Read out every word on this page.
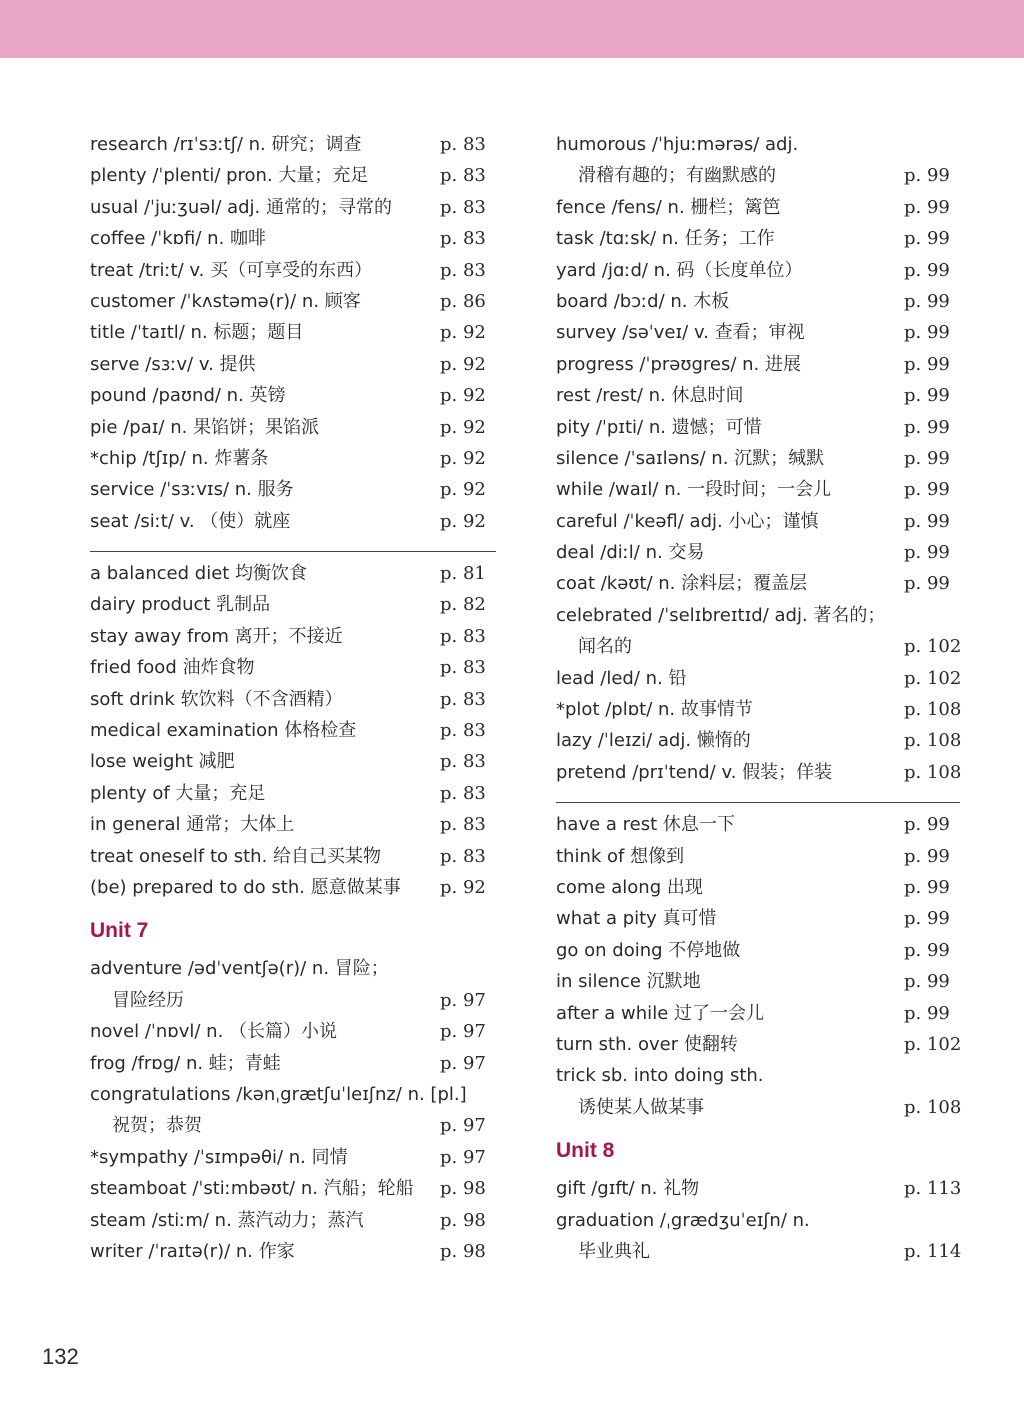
research /rɪˈsɜːtʃ/ n. 研究；调查	p. 83
plenty /ˈplenti/ pron. 大量；充足	p. 83
usual /ˈjuːʒuəl/ adj. 通常的；寻常的	p. 83
coffee /ˈkɒfi/ n. 咖啡	p. 83
treat /triːt/ v. 买（可享受的东西）	p. 83
customer /ˈkʌstəmə(r)/ n. 顾客	p. 86
title /ˈtaɪtl/ n. 标题；题目	p. 92
serve /sɜːv/ v. 提供	p. 92
pound /paʊnd/ n. 英镑	p. 92
pie /paɪ/ n. 果馅饼；果馅派	p. 92
*chip /tʃɪp/ n. 炸薯条	p. 92
service /ˈsɜːvɪs/ n. 服务	p. 92
seat /siːt/ v. （使）就座	p. 92
a balanced diet 均衡饮食	p. 81
dairy product 乳制品	p. 82
stay away from 离开；不接近	p. 83
fried food 油炸食物	p. 83
soft drink 软饮料（不含酒精）	p. 83
medical examination 体格检查	p. 83
lose weight 减肥	p. 83
plenty of 大量；充足	p. 83
in general 通常；大体上	p. 83
treat oneself to sth. 给自己买某物	p. 83
(be) prepared to do sth. 愿意做某事 p. 92
Unit 7
adventure /ədˈventʃə(r)/ n. 冒险；
冒险经历	p. 97
novel /ˈnɒvl/ n. （长篇）小说	p. 97
frog /frɒg/ n. 蛙；青蛙	p. 97
congratulations /kənˌgrætʃuˈleɪʃnz/ n. [pl.]
祝贺；恭贺	p. 97
*sympathy /ˈsɪmpəθi/ n. 同情	p. 97
steamboat /ˈstiːmbəʊt/ n. 汽船；轮船 p. 98
steam /stiːm/ n. 蒸汽动力；蒸汽	p. 98
writer /ˈraɪtə(r)/ n. 作家	p. 98
humorous /ˈhjuːmərəs/ adj.
滑稽有趣的；有幽默感的	p. 99
fence /fens/ n. 栅栏；篱笆	p. 99
task /tɑːsk/ n. 任务；工作	p. 99
yard /jɑːd/ n. 码（长度单位）	p. 99
board /bɔːd/ n. 木板	p. 99
survey /səˈveɪ/ v. 查看；审视	p. 99
progress /ˈprəʊgres/ n. 进展	p. 99
rest /rest/ n. 休息时间	p. 99
pity /ˈpɪti/ n. 遗憾；可惜	p. 99
silence /ˈsaɪləns/ n. 沉默；缄默	p. 99
while /waɪl/ n. 一段时间；一会儿	p. 99
careful /ˈkeəfl/ adj. 小心；谨慎	p. 99
deal /diːl/ n. 交易	p. 99
coat /kəʊt/ n. 涂料层；覆盖层	p. 99
celebrated /ˈselɪbreɪtɪd/ adj. 著名的；
闻名的	p. 102
lead /led/ n. 铅	p. 102
*plot /plɒt/ n. 故事情节	p. 108
lazy /ˈleɪzi/ adj. 懒惰的	p. 108
pretend /prɪˈtend/ v. 假装；佯装	p. 108
have a rest 休息一下	p. 99
think of 想像到	p. 99
come along 出现	p. 99
what a pity 真可惜	p. 99
go on doing 不停地做	p. 99
in silence 沉默地	p. 99
after a while 过了一会儿	p. 99
turn sth. over 使翻转	p. 102
trick sb. into doing sth.
诱使某人做某事	p. 108
Unit 8
gift /gɪft/ n. 礼物	p. 113
graduation /ˌgrædʒuˈeɪʃn/ n.
毕业典礼	p. 114
132
